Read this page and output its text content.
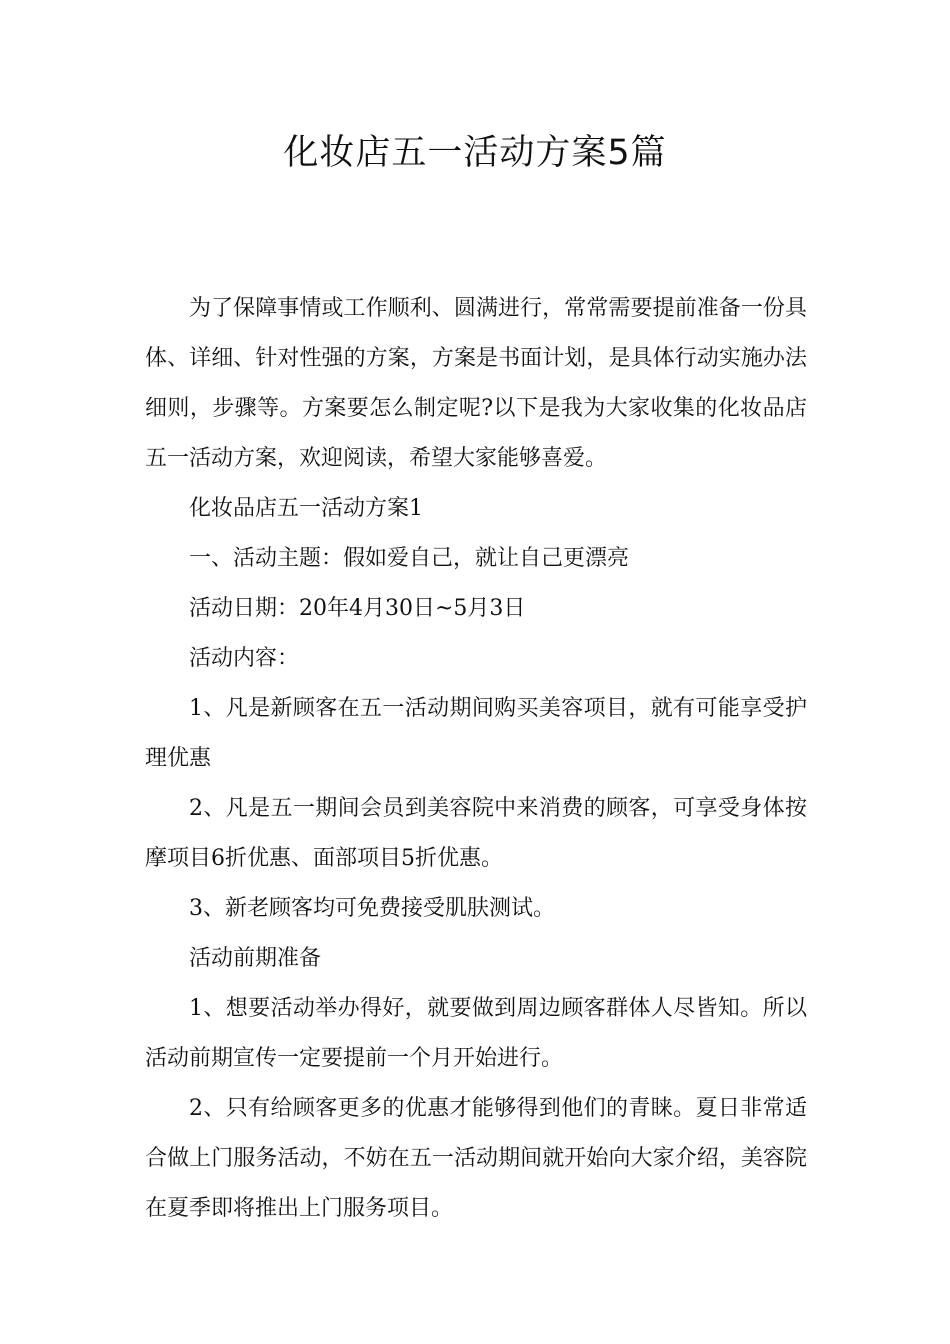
化妆店五一活动方案5篇

为了保障事情或工作顺利、圆满进行，常常需要提前准备一份具体、详细、针对性强的方案，方案是书面计划，是具体行动实施办法细则，步骤等。方案要怎么制定呢?以下是我为大家收集的化妆品店五一活动方案，欢迎阅读，希望大家能够喜爱。

化妆品店五一活动方案1

一、活动主题：假如爱自己，就让自己更漂亮

活动日期：20年4月30日~5月3日

活动内容：

1、凡是新顾客在五一活动期间购买美容项目，就有可能享受护理优惠

2、凡是五一期间会员到美容院中来消费的顾客，可享受身体按摩项目6折优惠、面部项目5折优惠。

3、新老顾客均可免费接受肌肤测试。

活动前期准备

1、想要活动举办得好，就要做到周边顾客群体人尽皆知。所以活动前期宣传一定要提前一个月开始进行。

2、只有给顾客更多的优惠才能够得到他们的青睐。夏日非常适合做上门服务活动，不妨在五一活动期间就开始向大家介绍，美容院在夏季即将推出上门服务项目。
